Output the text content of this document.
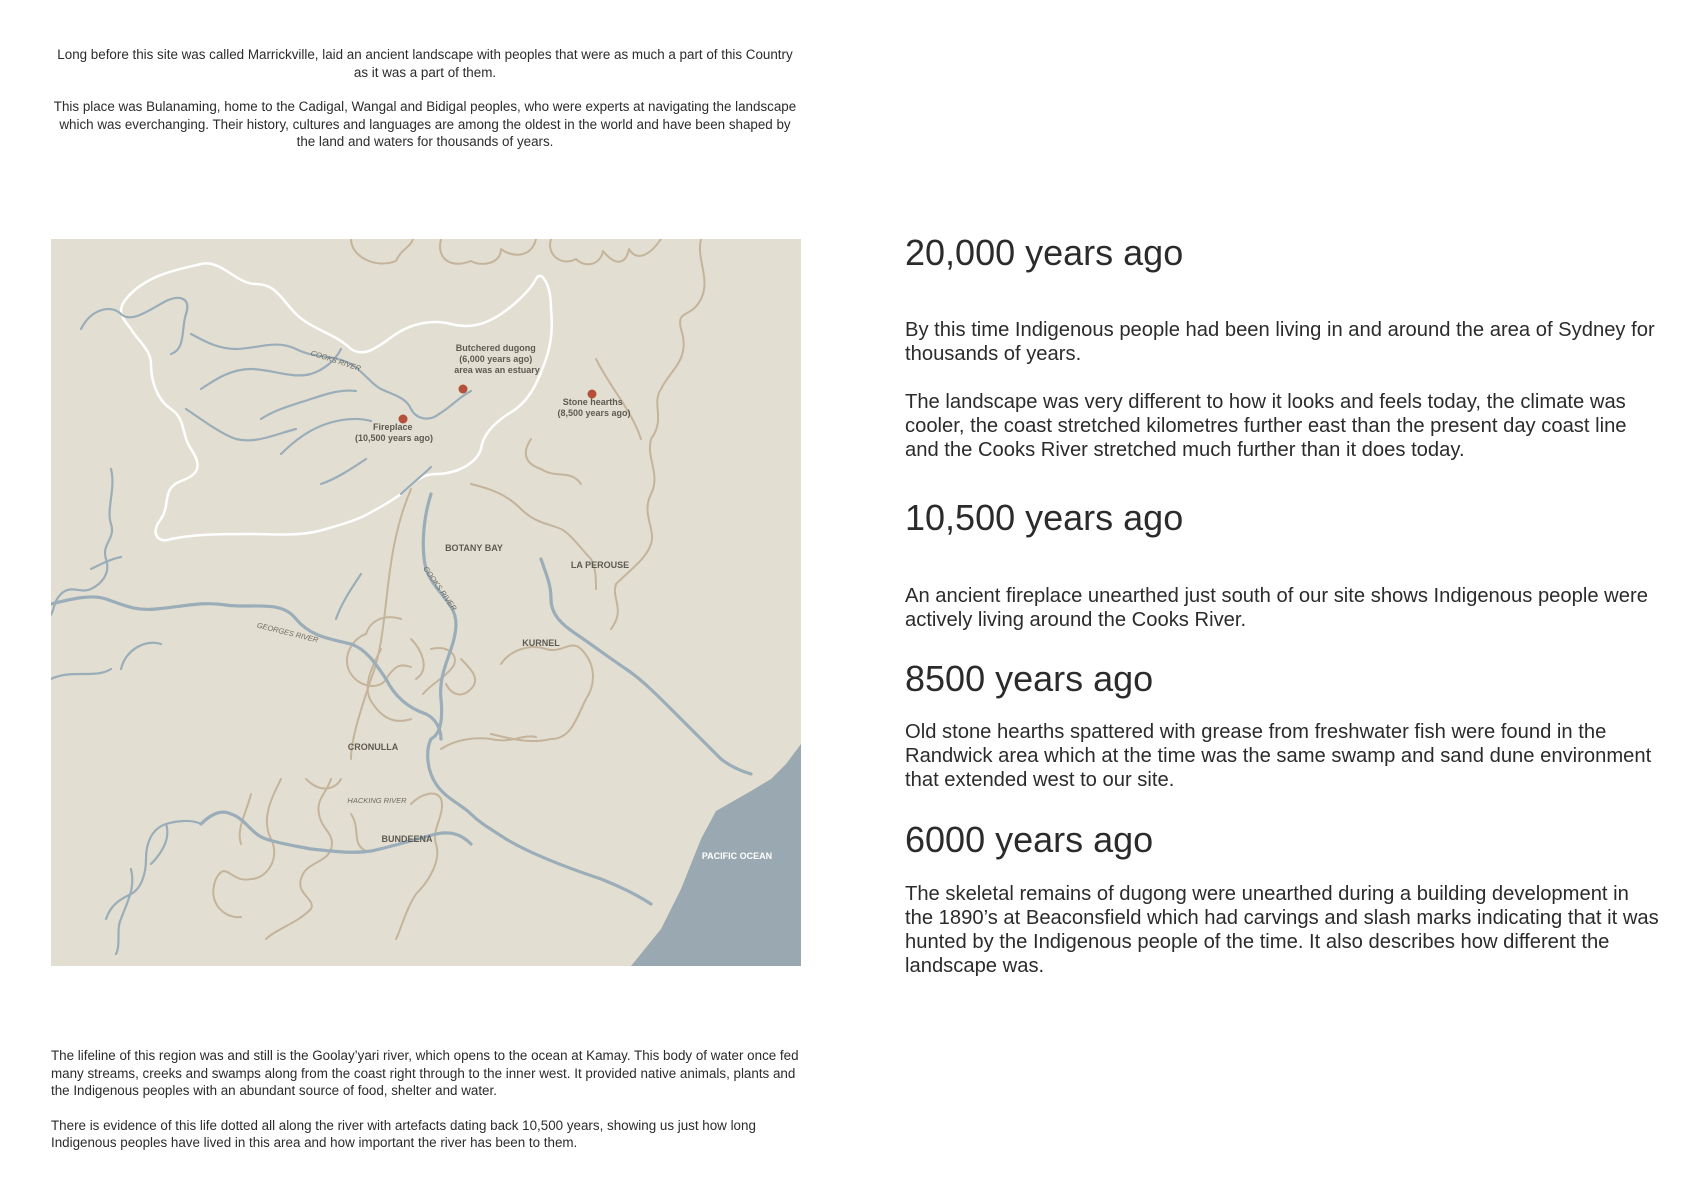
Long before this site was called Marrickville, laid an ancient landscape with peoples that were as much a part of this Country as it was a part of them.

This place was Bulanaming, home to the Cadigal, Wangal and Bidigal peoples, who were experts at navigating the landscape which was everchanging. Their history, cultures and languages are among the oldest in the world and have been shaped by the land and waters for thousands of years.

Butchered dugong (6,000 years ago) area was an estuary
Fireplace (10,500 years ago)
Stone hearths (8,500 years ago)
BOTANY BAY
LA PEROUSE
KURNEL
CRONULLA
BUNDEENA
PACIFIC OCEAN
COOKS RIVER
COOKS RIVER
GEORGES RIVER
HACKING RIVER

The lifeline of this region was and still is the Goolay’yari river, which opens to the ocean at Kamay. This body of water once fed many streams, creeks and swamps along from the coast right through to the inner west. It provided native animals, plants and the Indigenous peoples with an abundant source of food, shelter and water.

There is evidence of this life dotted all along the river with artefacts dating back 10,500 years, showing us just how long Indigenous peoples have lived in this area and how important the river has been to them.

20,000 years ago

By this time Indigenous people had been living in and around the area of Sydney for thousands of years.

The landscape was very different to how it looks and feels today, the climate was cooler, the coast stretched kilometres further east than the present day coast line and the Cooks River stretched much further than it does today.

10,500 years ago

An ancient fireplace unearthed just south of our site shows Indigenous people were actively living around the Cooks River.

8500 years ago

Old stone hearths spattered with grease from freshwater fish were found in the Randwick area which at the time was the same swamp and sand dune environment that extended west to our site.

6000 years ago

The skeletal remains of dugong were unearthed during a building development in the 1890’s at Beaconsfield which had carvings and slash marks indicating that it was hunted by the Indigenous people of the time. It also describes how different the landscape was.
